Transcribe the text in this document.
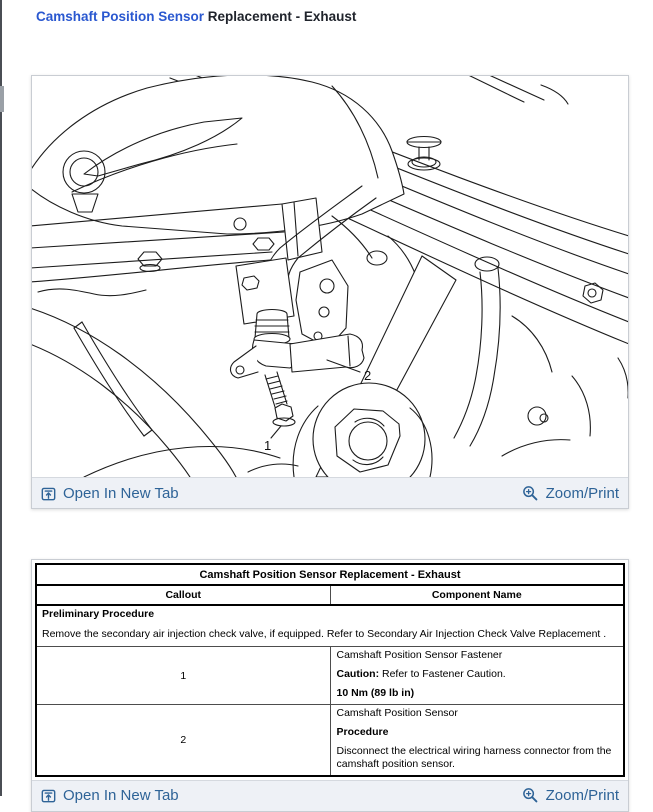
Camshaft Position Sensor Replacement - Exhaust
1
2
Open In New Tab	Zoom/Print
Camshaft Position Sensor Replacement - Exhaust	
Callout	Component Name

Preliminary Procedure

Remove the secondary air injection check valve, if equipped. Refer to Secondary Air Injection Check Valve Replacement .	

1	Camshaft Position Sensor Fastener
Caution: Refer to Fastener Caution.
10 Nm (89 lb in)

2	Camshaft Position Sensor
Procedure
Disconnect the electrical wiring harness connector from the camshaft position sensor.
Open In New Tab	Zoom/Print
